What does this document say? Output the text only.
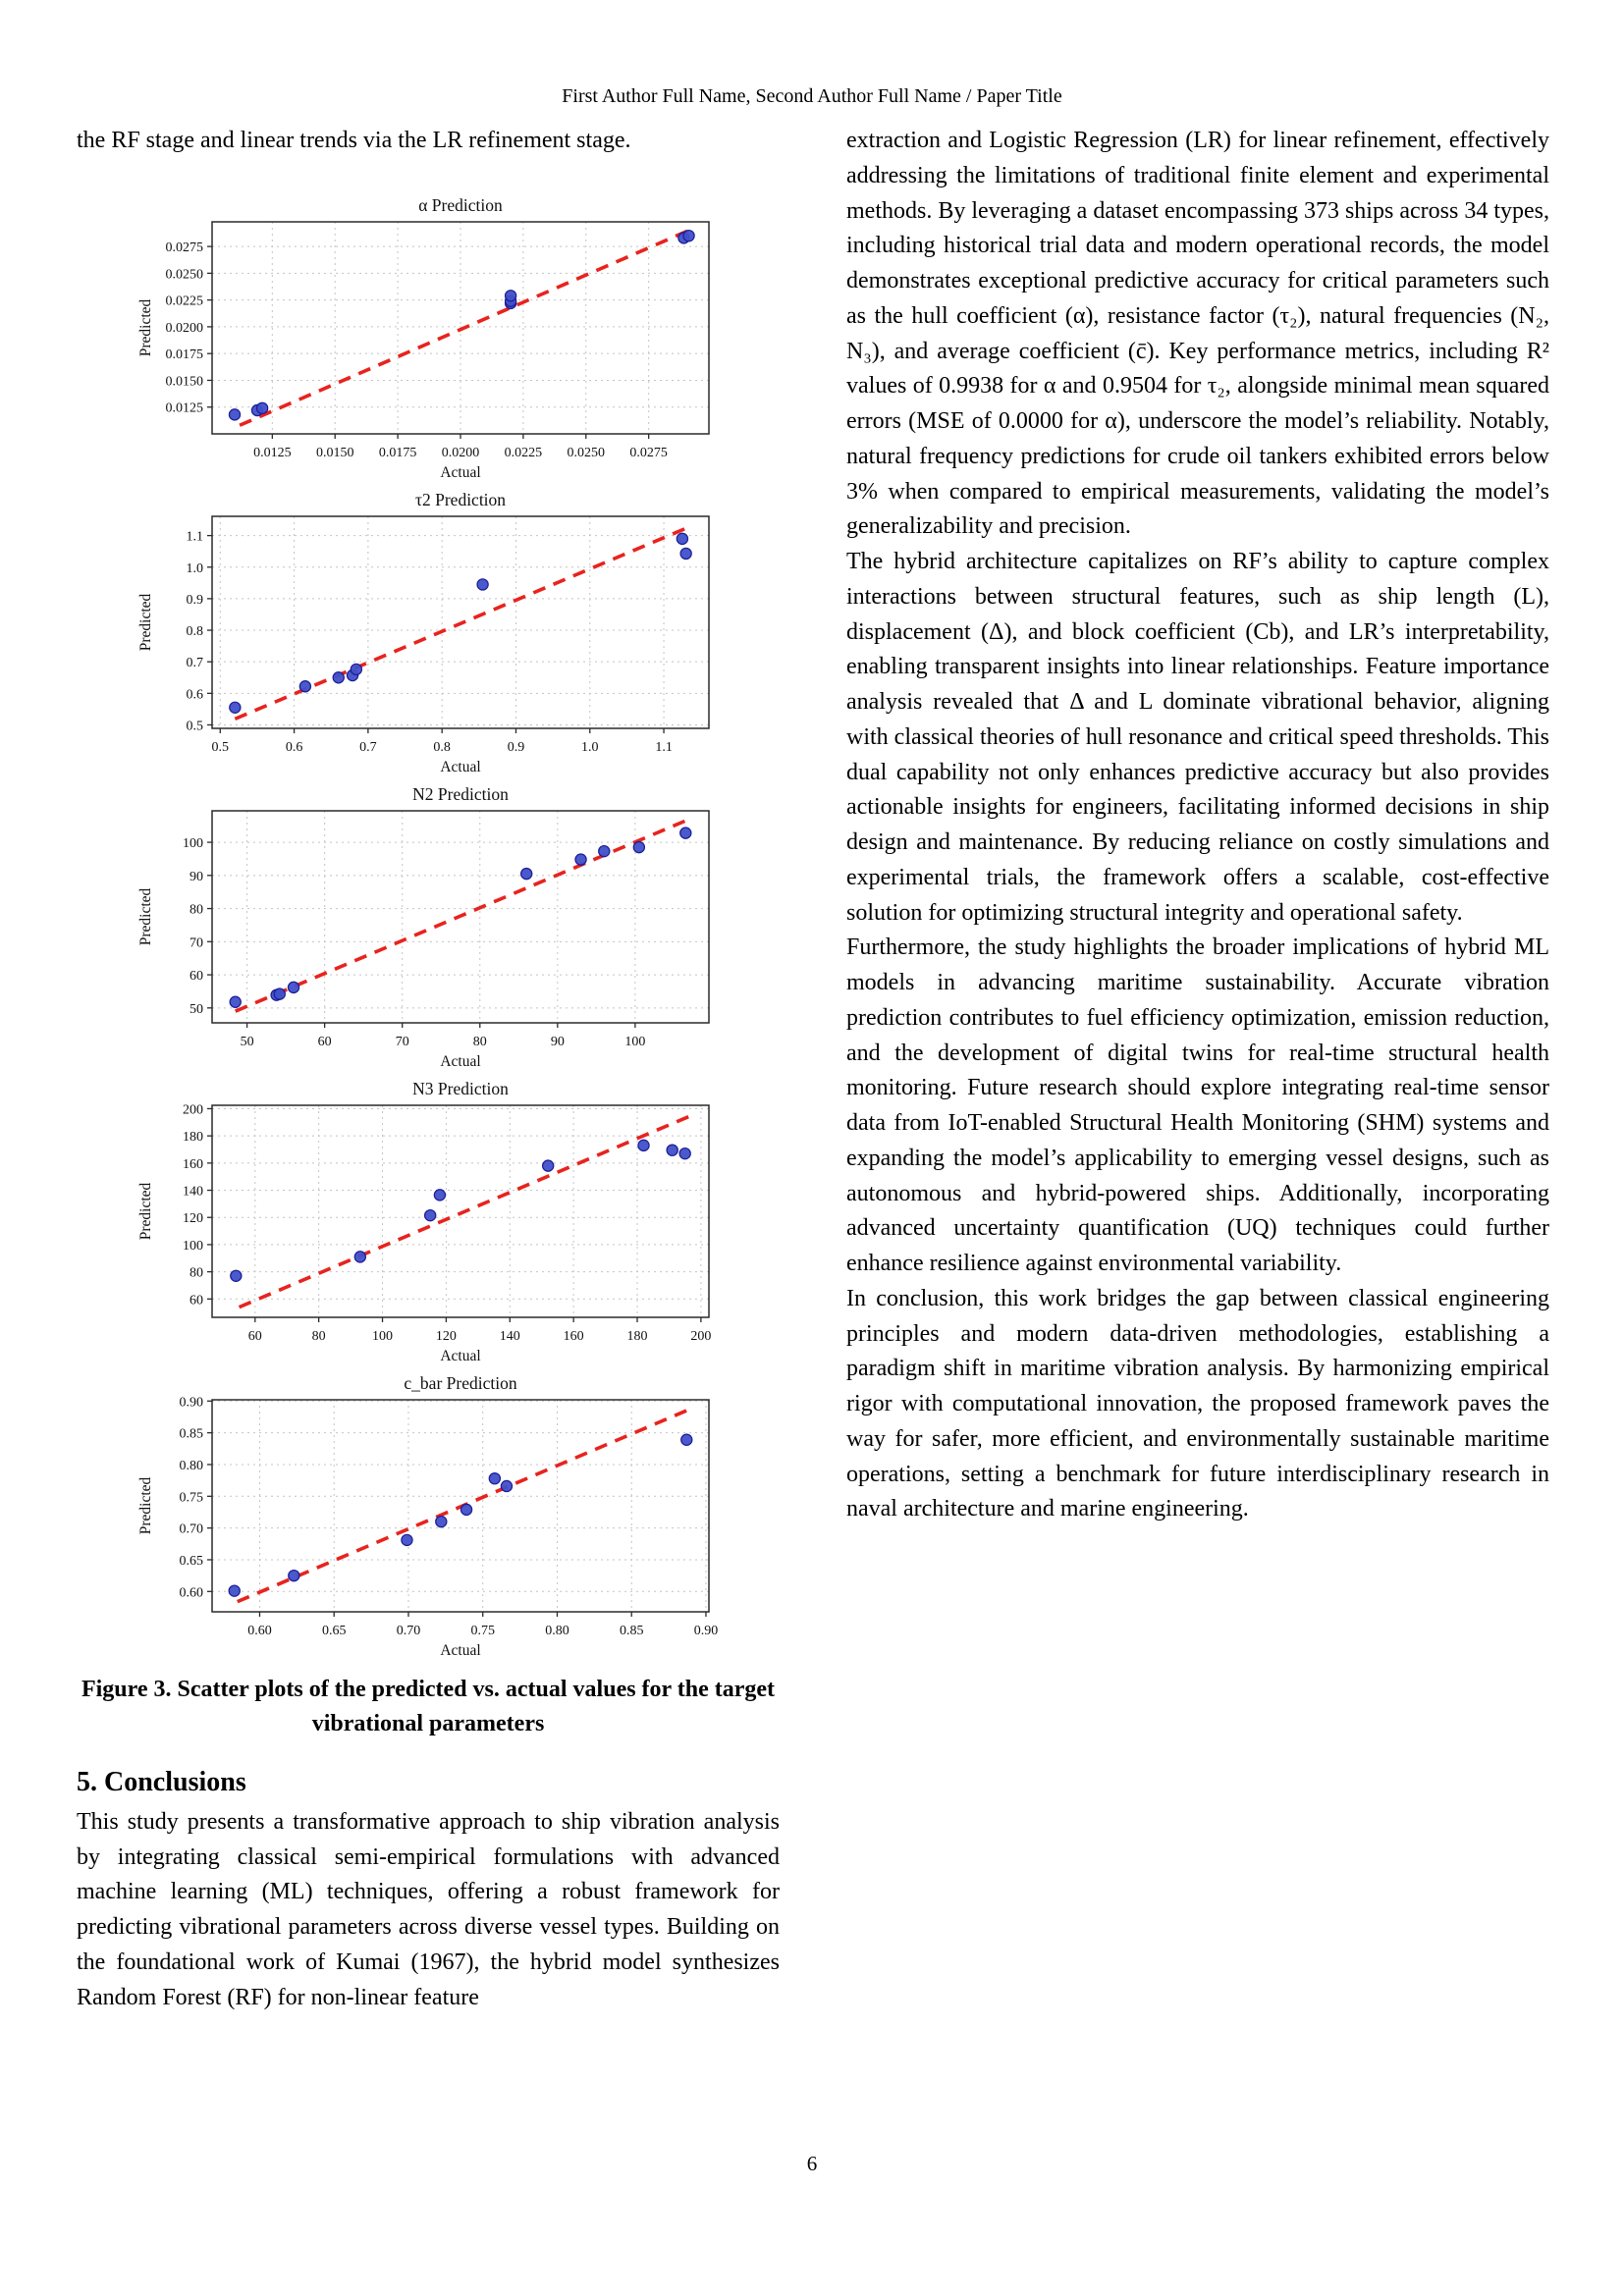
First Author Full Name, Second Author Full Name / Paper Title

the RF stage and linear trends via the LR refinement stage.

0.0125 0.0150 0.0175 0.0200 0.0225 0.0250 0.0275
0.0125
0.0150
0.0175
0.0200
0.0225
0.0250
0.0275
α Prediction
Actual
Predicted
0.5	0.6	0.7	0.8	0.9	1.0	1.1
0.5
0.6
0.7
0.8
0.9
1.0
1.1
τ2 Prediction
Actual
Predicted
50	60	70	80	90	100
50
60
70
80
90
100
N2 Prediction
Actual
Predicted
60	80	100	120	140	160	180	200
60
80
100
120
140
160
180
200
N3 Prediction
Actual
Predicted
0.60	0.65	0.70	0.75	0.80	0.85	0.90
0.60
0.65
0.70
0.75
0.80
0.85
0.90
c_bar Prediction
Actual
Predicted
Figure 3. Scatter plots of the predicted vs. actual values for the target vibrational parameters
5. Conclusions

This study presents a transformative approach to ship vibration analysis by integrating classical semi-empirical formulations with advanced machine learning (ML) techniques, offering a robust framework for predicting vibrational parameters across diverse vessel types. Building on the foundational work of Kumai (1967), the hybrid model synthesizes Random Forest (RF) for non-linear feature

extraction and Logistic Regression (LR) for linear refinement, effectively addressing the limitations of traditional finite element and experimental methods. By leveraging a dataset encompassing 373 ships across 34 types, including historical trial data and modern operational records, the model demonstrates exceptional predictive accuracy for critical parameters such as the hull coefficient (α), resistance factor (τ₂), natural frequencies (N₂, N₃), and average coefficient (c̄). Key performance metrics, including R² values of 0.9938 for α and 0.9504 for τ₂, alongside minimal mean squared errors (MSE of 0.0000 for α), underscore the model’s reliability. Notably, natural frequency predictions for crude oil tankers exhibited errors below 3% when compared to empirical measurements, validating the model’s generalizability and precision.

The hybrid architecture capitalizes on RF’s ability to capture complex interactions between structural features, such as ship length (L), displacement (Δ), and block coefficient (Cb), and LR’s interpretability, enabling transparent insights into linear relationships. Feature importance analysis revealed that Δ and L dominate vibrational behavior, aligning with classical theories of hull resonance and critical speed thresholds. This dual capability not only enhances predictive accuracy but also provides actionable insights for engineers, facilitating informed decisions in ship design and maintenance. By reducing reliance on costly simulations and experimental trials, the framework offers a scalable, cost-effective solution for optimizing structural integrity and operational safety.

Furthermore, the study highlights the broader implications of hybrid ML models in advancing maritime sustainability. Accurate vibration prediction contributes to fuel efficiency optimization, emission reduction, and the development of digital twins for real-time structural health monitoring. Future research should explore integrating real-time sensor data from IoT-enabled Structural Health Monitoring (SHM) systems and expanding the model’s applicability to emerging vessel designs, such as autonomous and hybrid-powered ships. Additionally, incorporating advanced uncertainty quantification (UQ) techniques could further enhance resilience against environmental variability.

In conclusion, this work bridges the gap between classical engineering principles and modern data-driven methodologies, establishing a paradigm shift in maritime vibration analysis. By harmonizing empirical rigor with computational innovation, the proposed framework paves the way for safer, more efficient, and environmentally sustainable maritime operations, setting a benchmark for future interdisciplinary research in naval architecture and marine engineering.

6
